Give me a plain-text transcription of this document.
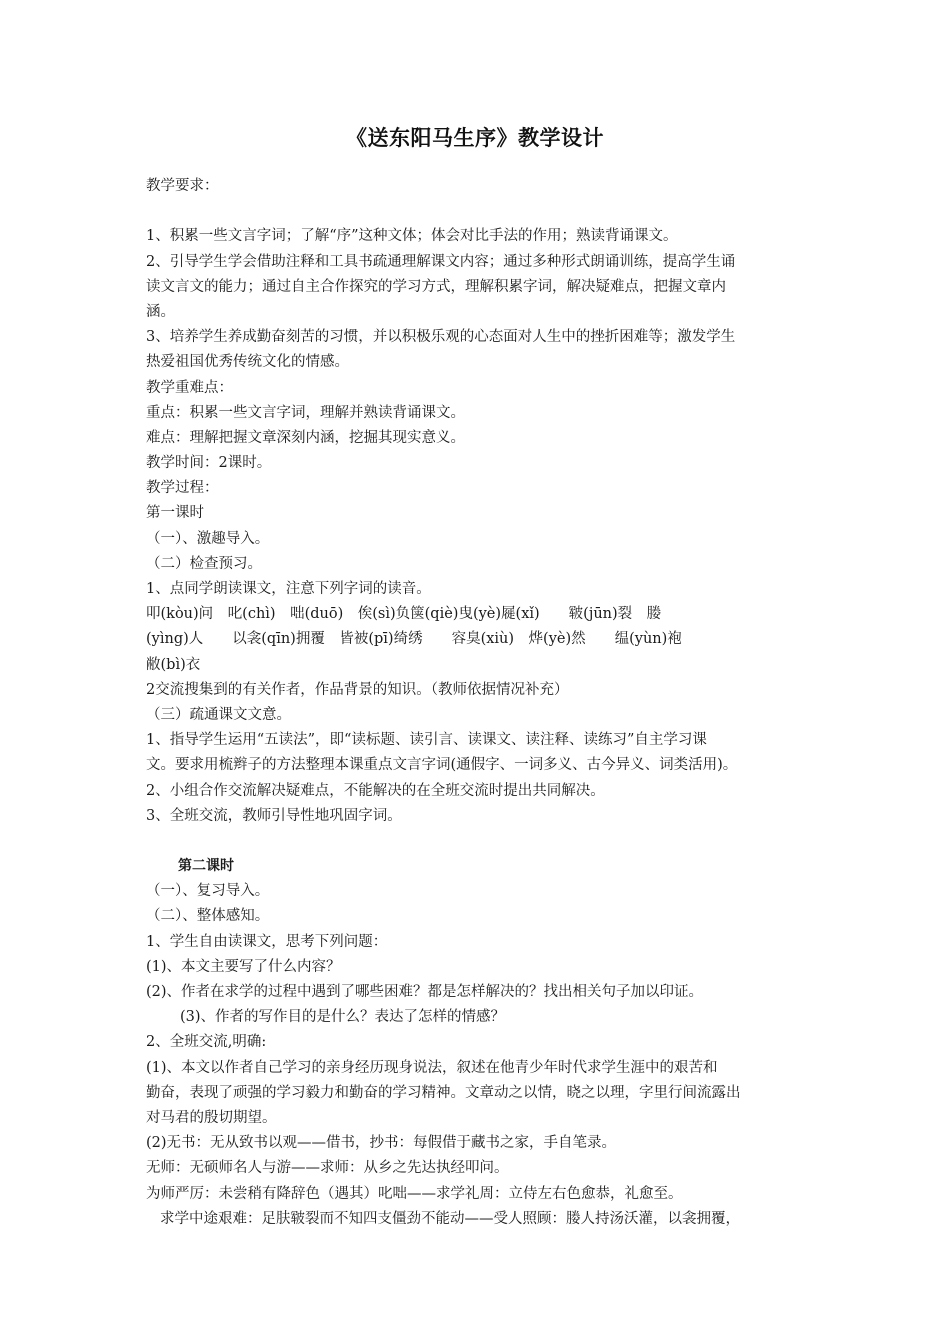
《送东阳马生序》教学设计
教学要求：
1、积累一些文言字词；了解“序”这种文体；体会对比手法的作用；熟读背诵课文。
2、引导学生学会借助注释和工具书疏通理解课文内容；通过多种形式朗诵训练，提高学生诵
读文言文的能力；通过自主合作探究的学习方式，理解积累字词，解决疑难点，把握文章内
涵。
3、培养学生养成勤奋刻苦的习惯，并以积极乐观的心态面对人生中的挫折困难等；激发学生
热爱祖国优秀传统文化的情感。
教学重难点：
重点：积累一些文言字词，理解并熟读背诵课文。
难点：理解把握文章深刻内涵，挖掘其现实意义。
教学时间：2课时。
教学过程：
第一课时
（一）、激趣导入。
（二）检查预习。
1、点同学朗读课文，注意下列字词的读音。
叩(kòu)问　叱(chì)　咄(duō)　俟(sì)负箧(qiè)曳(yè)屣(xǐ)　　皲(jūn)裂　媵
(yìng)人　　以衾(qīn)拥覆　皆被(pī)绮绣　　容臭(xiù)　烨(yè)然　　缊(yùn)袍
敝(bì)衣
2交流搜集到的有关作者，作品背景的知识。（教师依据情况补充）
（三）疏通课文文意。
1、指导学生运用“五读法”，即“读标题、读引言、读课文、读注释、读练习”自主学习课
文。要求用梳辫子的方法整理本课重点文言字词(通假字、一词多义、古今异义、词类活用)。
2、小组合作交流解决疑难点，不能解决的在全班交流时提出共同解决。
3、全班交流，教师引导性地巩固字词。
第二课时
（一）、复习导入。
（二）、整体感知。
1、学生自由读课文，思考下列问题：
(1)、本文主要写了什么内容？
(2)、作者在求学的过程中遇到了哪些困难？都是怎样解决的？找出相关句子加以印证。
(3)、作者的写作目的是什么？表达了怎样的情感？
2、全班交流,明确:
(1)、本文以作者自己学习的亲身经历现身说法，叙述在他青少年时代求学生涯中的艰苦和
勤奋，表现了顽强的学习毅力和勤奋的学习精神。文章动之以情，晓之以理，字里行间流露出
对马君的殷切期望。
(2)无书：无从致书以观——借书，抄书：每假借于藏书之家，手自笔录。
无师：无硕师名人与游——求师：从乡之先达执经叩问。
为师严厉：未尝稍有降辞色（遇其）叱咄——求学礼周：立侍左右色愈恭，礼愈至。
求学中途艰难：足肤皲裂而不知四支僵劲不能动——受人照顾：媵人持汤沃灌，以衾拥覆，
